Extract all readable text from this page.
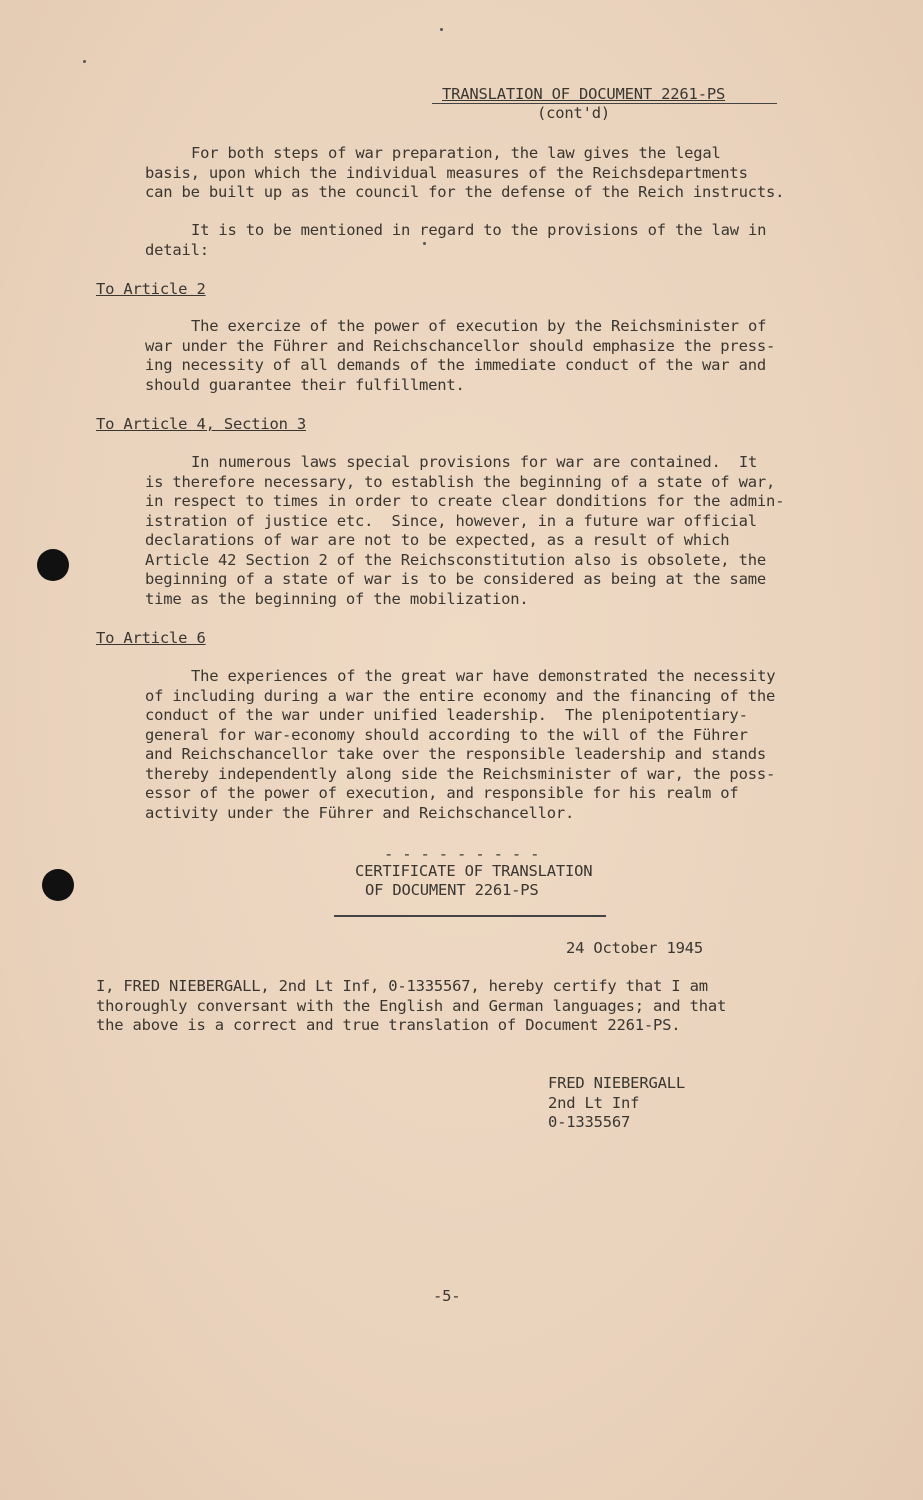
TRANSLATION OF DOCUMENT 2261-PS
(cont'd)
For both steps of war preparation, the law gives the legal
basis, upon which the individual measures of the Reichsdepartments
can be built up as the council for the defense of the Reich instructs.
It is to be mentioned in regard to the provisions of the law in
detail:
To Article 2
The exercize of the power of execution by the Reichsminister of
war under the Führer and Reichschancellor should emphasize the press-
ing necessity of all demands of the immediate conduct of the war and
should guarantee their fulfillment.
To Article 4, Section 3
In numerous laws special provisions for war are contained.  It
is therefore necessary, to establish the beginning of a state of war,
in respect to times in order to create clear donditions for the admin-
istration of justice etc.  Since, however, in a future war official
declarations of war are not to be expected, as a result of which
Article 42 Section 2 of the Reichsconstitution also is obsolete, the
beginning of a state of war is to be considered as being at the same
time as the beginning of the mobilization.
To Article 6
The experiences of the great war have demonstrated the necessity
of including during a war the entire economy and the financing of the
conduct of the war under unified leadership.  The plenipotentiary-
general for war-economy should according to the will of the Führer
and Reichschancellor take over the responsible leadership and stands
thereby independently along side the Reichsminister of war, the poss-
essor of the power of execution, and responsible for his realm of
activity under the Führer and Reichschancellor.
- - - - - - - - -
CERTIFICATE OF TRANSLATION
OF DOCUMENT 2261-PS
24 October 1945
I, FRED NIEBERGALL, 2nd Lt Inf, 0-1335567, hereby certify that I am
thoroughly conversant with the English and German languages; and that
the above is a correct and true translation of Document 2261-PS.
FRED NIEBERGALL
2nd Lt Inf
0-1335567
-5-
